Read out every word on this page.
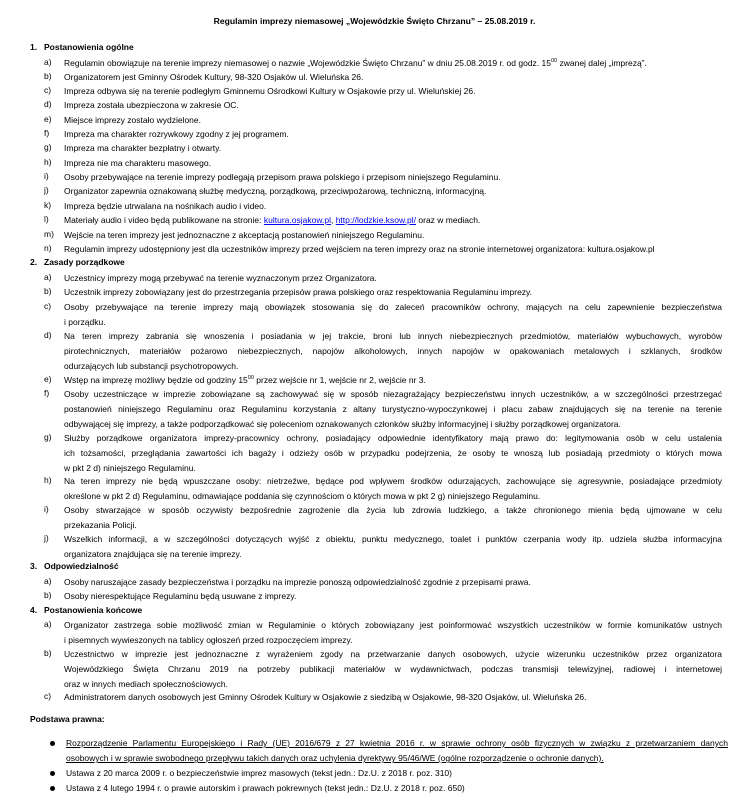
Regulamin imprezy niemasowej „Wojewódzkie Święto Chrzanu” – 25.08.2019 r.
1. Postanowienia ogólne
a)	Regulamin obowiązuje na terenie imprezy niemasowej o nazwie „Wojewódzkie Święto Chrzanu” w dniu 25.08.2019 r. od godz. $15^{00}$ zwanej dalej „imprezą”.
b)	Organizatorem jest Gminny Ośrodek Kultury, 98-320 Osjaków ul. Wieluńska 26.
c)	Impreza odbywa się na terenie podległym Gminnemu Ośrodkowi Kultury w Osjakowie przy ul. Wieluńskiej 26.
d)	Impreza została ubezpieczona w zakresie OC.
e)	Miejsce imprezy zostało wydzielone.
f)	Impreza ma charakter rozrywkowy zgodny z jej programem.
g)	Impreza ma charakter bezpłatny i otwarty.
h)	Impreza nie ma charakteru masowego.
i)	Osoby przebywające na terenie imprezy podlegają przepisom prawa polskiego i przepisom niniejszego Regulaminu.
j)	Organizator zapewnia oznakowaną służbę medyczną, porządkową, przeciwpożarową, techniczną, informacyjną.
k)	Impreza będzie utrwalana na nośnikach audio i video.
l)	Materiały audio i video będą publikowane na stronie: kultura.osjakow.pl, http://lodzkie.ksow.pl/ oraz w mediach.
m)	Wejście na teren imprezy jest jednoznaczne z akceptacją postanowień niniejszego Regulaminu.
n)	Regulamin imprezy udostępniony jest dla uczestników imprezy przed wejściem na teren imprezy oraz na stronie internetowej organizatora: kultura.osjakow.pl
2. Zasady porządkowe
a)	Uczestnicy imprezy mogą przebywać na terenie wyznaczonym przez Organizatora.
b)	Uczestnik imprezy zobowiązany jest do przestrzegania przepisów prawa polskiego oraz respektowania Regulaminu imprezy.
c)	Osoby przebywające na terenie imprezy mają obowiązek stosowania się do zaleceń pracowników ochrony, mających na celu zapewnienie bezpieczeństwa
i porządku.
d)	Na teren imprezy zabrania się wnoszenia i posiadania w jej trakcie, broni lub innych niebezpiecznych przedmiotów, materiałów wybuchowych, wyrobów
pirotechnicznych, materiałów pożarowo niebezpiecznych, napojów alkoholowych, innych napojów w opakowaniach metalowych i szklanych, środków
odurzających lub substancji psychotropowych.
e)	Wstęp na imprezę możliwy będzie od godziny $15^{00}$ przez wejście nr 1, wejście nr 2, wejście nr 3.
f)	Osoby uczestniczące w imprezie zobowiązane są zachowywać się w sposób niezagrażający bezpieczeństwu innych uczestników, a w szczególności przestrzegać
postanowień niniejszego Regulaminu oraz Regulaminu korzystania z altany turystyczno-wypoczynkowej i placu zabaw znajdujących się na terenie na terenie
odbywającej się imprezy, a także podporządkować się poleceniom oznakowanych członków służby informacyjnej i służby porządkowej organizatora.
g)	Służby porządkowe organizatora imprezy-pracownicy ochrony, posiadający odpowiednie identyfikatory mają prawo do: legitymowania osób w celu ustalenia
ich tożsamości, przeglądania zawartości ich bagaży i odzieży osób w przypadku podejrzenia, że osoby te wnoszą lub posiadają przedmioty o których mowa
w pkt 2 d) niniejszego Regulaminu.
h)	Na teren imprezy nie będą wpuszczane osoby: nietrzeźwe, będące pod wpływem środków odurzających, zachowujące się agresywnie, posiadające przedmioty
określone w pkt 2 d) Regulaminu, odmawiające poddania się czynnościom o których mowa w pkt 2 g) niniejszego Regulaminu.
i)	Osoby stwarzające w sposób oczywisty bezpośrednie zagrożenie dla życia lub zdrowia ludzkiego, a także chronionego mienia będą ujmowane w celu
przekazania Policji.
j)	Wszelkich informacji, a w szczególności dotyczących wyjść z obiektu, punktu medycznego, toalet i punktów czerpania wody itp. udziela służba informacyjna
organizatora znajdująca się na terenie imprezy.
3. Odpowiedzialność
a)	Osoby naruszające zasady bezpieczeństwa i porządku na imprezie ponoszą odpowiedzialność zgodnie z przepisami prawa.
b)	Osoby nierespektujące Regulaminu będą usuwane z imprezy.
4. Postanowienia końcowe
a)	Organizator zastrzega sobie możliwość zmian w Regulaminie o których zobowiązany jest poinformować wszystkich uczestników w formie komunikatów ustnych
i pisemnych wywieszonych na tablicy ogłoszeń przed rozpoczęciem imprezy.
b)	Uczestnictwo w imprezie jest jednoznaczne z wyrażeniem zgody na przetwarzanie danych osobowych, użycie wizerunku uczestników przez organizatora
Wojewódzkiego Święta Chrzanu 2019 na potrzeby publikacji materiałów w wydawnictwach, podczas transmisji telewizyjnej, radiowej i internetowej
oraz w innych mediach społecznościowych.
c)	Administratorem danych osobowych jest Gminny Ośrodek Kultury w Osjakowie z siedzibą w Osjakowie, 98-320 Osjaków, ul. Wieluńska 26.
Podstawa prawna:
Rozporządzenie Parlamentu Europejskiego i Rady (UE) 2016/679 z 27 kwietnia 2016 r. w sprawie ochrony osób fizycznych w związku z przetwarzaniem danych
osobowych i w sprawie swobodnego przepływu takich danych oraz uchylenia dyrektywy 95/46/WE (ogólne rozporządzenie o ochronie danych).
Ustawa z 20 marca 2009 r. o bezpieczeństwie imprez masowych (tekst jedn.: Dz.U. z 2018 r. poz. 310)
Ustawa z 4 lutego 1994 r. o prawie autorskim i prawach pokrewnych (tekst jedn.: Dz.U. z 2018 r. poz. 650)
